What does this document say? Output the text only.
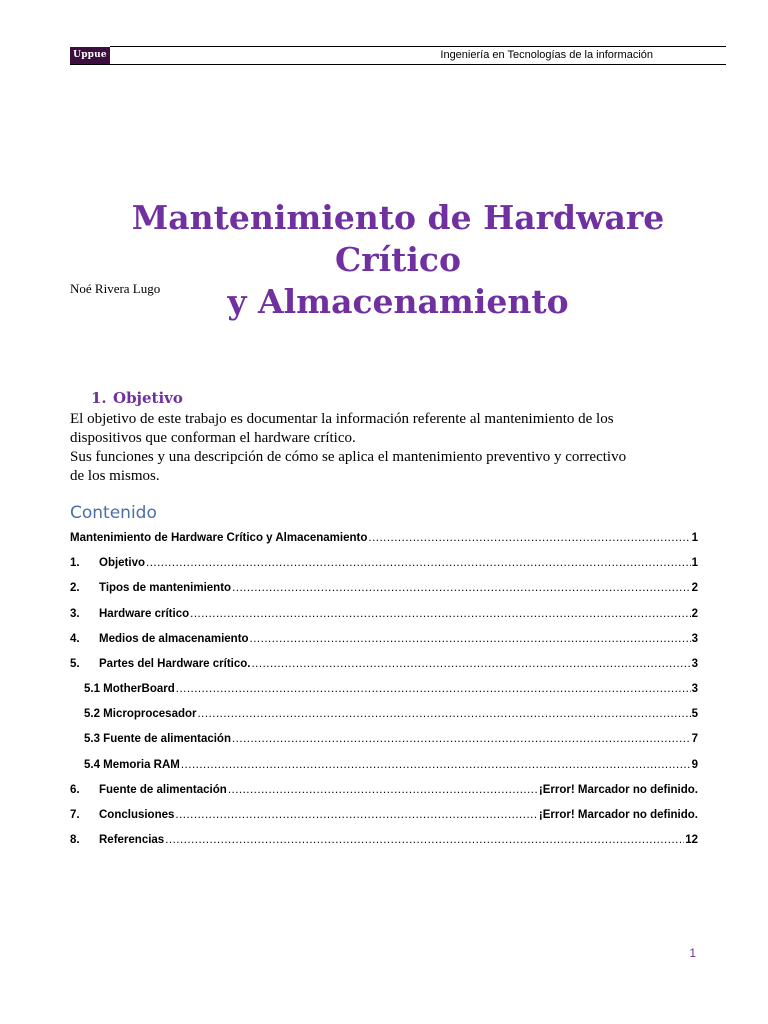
Uppue	Ingeniería en Tecnologías de la información
Mantenimiento de Hardware Crítico
y Almacenamiento
Noé Rivera Lugo
1. Objetivo
El objetivo de este trabajo es documentar la información referente al mantenimiento de los
dispositivos que conforman el hardware crítico.
Sus funciones y una descripción de cómo se aplica el mantenimiento preventivo y correctivo
de los mismos.
Contenido
Mantenimiento de Hardware Crítico y Almacenamiento .....	1
1.	Objetivo .....	1
2.	Tipos de mantenimiento .....	2
3.	Hardware crítico .....	2
4.	Medios de almacenamiento .....	3
5.	Partes del Hardware crítico. .....	3
5.1 MotherBoard .....	3
5.2 Microprocesador .....	5
5.3 Fuente de alimentación .....	7
5.4 Memoria RAM .....	9
6.	Fuente de alimentación .....	¡Error! Marcador no definido.
7.	Conclusiones .....	¡Error! Marcador no definido.
8.	Referencias .....	12
1
